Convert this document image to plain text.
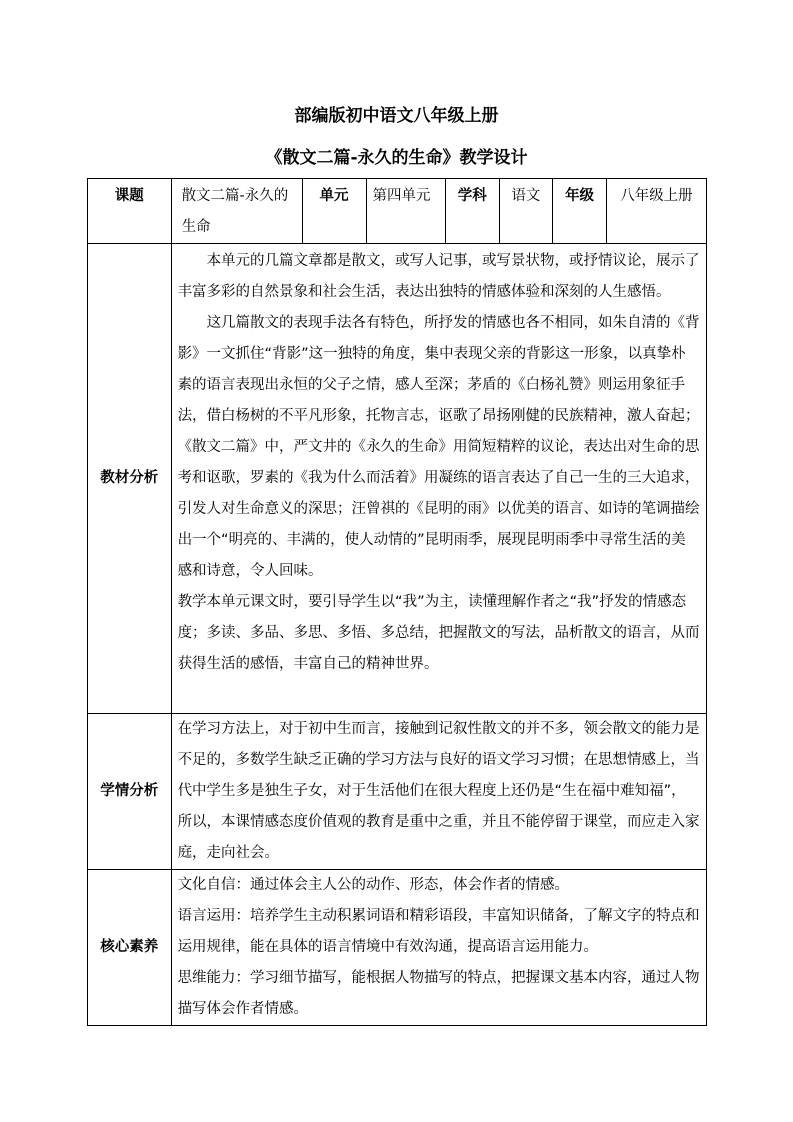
部编版初中语文八年级上册
《散文二篇-永久的生命》教学设计
课题	散文二篇-永久的生命	单元	第四单元	学科	语文	年级	八年级上册
教材分析	本单元的几篇文章都是散文，或写人记事，或写景状物，或抒情议论，展示了丰富多彩的自然景象和社会生活，表达出独特的情感体验和深刻的人生感悟。

这几篇散文的表现手法各有特色，所抒发的情感也各不相同，如朱自清的《背影》一文抓住“背影”这一独特的角度，集中表现父亲的背影这一形象，以真挚朴素的语言表现出永恒的父子之情，感人至深；茅盾的《白杨礼赞》则运用象征手法，借白杨树的不平凡形象，托物言志，讴歌了昂扬刚健的民族精神，激人奋起；《散文二篇》中，严文井的《永久的生命》用简短精粹的议论，表达出对生命的思考和讴歌，罗素的《我为什么而活着》用凝练的语言表达了自己一生的三大追求，引发人对生命意义的深思；汪曾祺的《昆明的雨》以优美的语言、如诗的笔调描绘出一个“明亮的、丰满的，使人动情的”昆明雨季，展现昆明雨季中寻常生活的美感和诗意，令人回味。

教学本单元课文时，要引导学生以“我”为主，读懂理解作者之“我”抒发的情感态度；多读、多品、多思、多悟、多总结，把握散文的写法，品析散文的语言，从而获得生活的感悟，丰富自己的精神世界。						

学情分析	在学习方法上，对于初中生而言，接触到记叙性散文的并不多，领会散文的能力是不足的，多数学生缺乏正确的学习方法与良好的语文学习习惯；在思想情感上，当代中学生多是独生子女，对于生活他们在很大程度上还仍是“生在福中难知福”，所以，本课情感态度价值观的教育是重中之重，并且不能停留于课堂，而应走入家庭，走向社会。						

核心素养	文化自信：通过体会主人公的动作、形态，体会作者的情感。

语言运用：培养学生主动积累词语和精彩语段，丰富知识储备，了解文字的特点和运用规律，能在具体的语言情境中有效沟通，提高语言运用能力。

思维能力：学习细节描写，能根据人物描写的特点，把握课文基本内容，通过人物描写体会作者情感。						
